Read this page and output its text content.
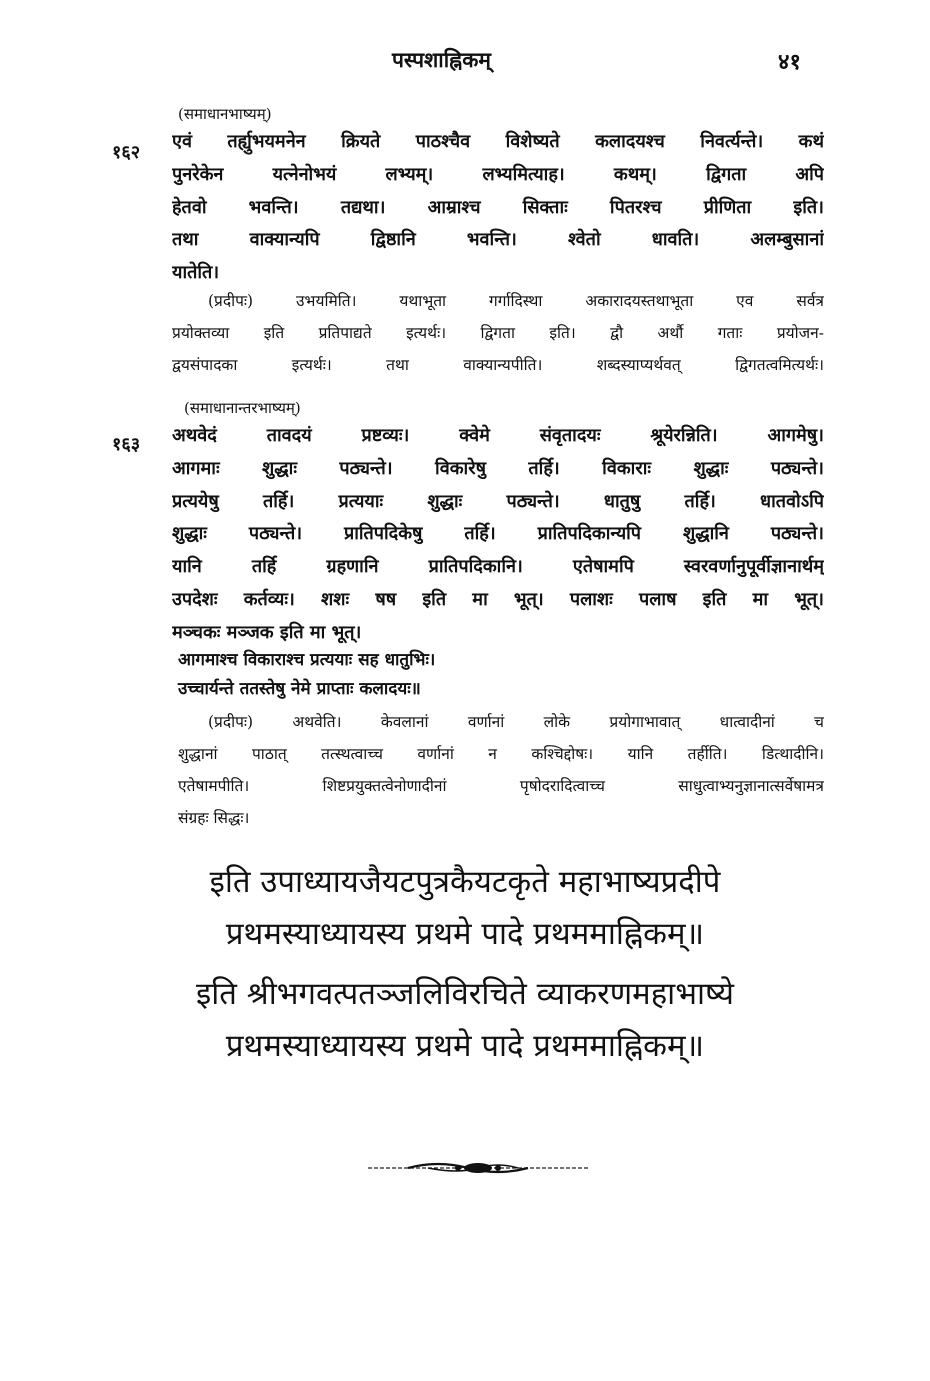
पस्पशाह्निकम्	४१
(समाधानभाष्यम्)
१६२
एवं तर्ह्युभयमनेन क्रियते पाठश्चैव विशेष्यते कलादयश्च निवर्त्यन्ते। कथं
पुनरेकेन यत्नेनोभयं लभ्यम्। लभ्यमित्याह। कथम्। द्विगता अपि
हेतवो भवन्ति। तद्यथा। आम्राश्च सिक्ताः पितरश्च प्रीणिता इति।
तथा वाक्यान्यपि द्विष्ठानि भवन्ति। श्वेतो धावति। अलम्बुसानां
यातेति।
(प्रदीपः) उभयमिति। यथाभूता गर्गादिस्था अकारादयस्तथाभूता एव सर्वत्र
प्रयोक्तव्या इति प्रतिपाद्यते इत्यर्थः। द्विगता इति। द्वौ अर्थौ गताः प्रयोजन-
द्वयसंपादका इत्यर्थः। तथा वाक्यान्यपीति। शब्दस्याप्यर्थवत् द्विगतत्वमित्यर्थः।
(समाधानान्तरभाष्यम्)
१६३ अथवेदं तावदयं प्रष्टव्यः। क्वेमे संवृतादयः श्रूयेरन्निति। आगमेषु।
आगमाः शुद्धाः पठ्यन्ते। विकारेषु तर्हि। विकाराः शुद्धाः पठ्यन्ते।
प्रत्ययेषु तर्हि। प्रत्ययाः शुद्धाः पठ्यन्ते। धातुषु तर्हि। धातवोऽपि
शुद्धाः पठ्यन्ते। प्रातिपदिकेषु तर्हि। प्रातिपदिकान्यपि शुद्धानि पठ्यन्ते।
यानि तर्हि ग्रहणानि प्रातिपदिकानि। एतेषामपि स्वरवर्णानुपूर्वीज्ञानार्थम्
उपदेशः कर्तव्यः। शशः षष इति मा भूत्। पलाशः पलाष इति मा भूत्।
मञ्चकः मञ्जक इति मा भूत्।
आगमाश्च विकाराश्च प्रत्ययाः सह धातुभिः।
उच्चार्यन्ते ततस्तेषु नेमे प्राप्ताः कलादयः॥
(प्रदीपः) अथवेति। केवलानां वर्णानां लोके प्रयोगाभावात् धात्वादीनां च
शुद्धानां पाठात् तत्स्थत्वाच्च वर्णानां न कश्चिद्दोषः। यानि तर्हीति। डित्थादीनि।
एतेषामपीति। शिष्टप्रयुक्तत्वेनोणादीनां पृषोदरादित्वाच्च साधुत्वाभ्यनुज्ञानात्सर्वेषामत्र
संग्रहः सिद्धः।
इति उपाध्यायजैयटपुत्रकैयटकृते महाभाष्यप्रदीपे
प्रथमस्याध्यायस्य प्रथमे पादे प्रथममाह्निकम्॥
इति श्रीभगवत्पतञ्जलिविरचिते व्याकरणमहाभाष्ये
प्रथमस्याध्यायस्य प्रथमे पादे प्रथममाह्निकम्॥
